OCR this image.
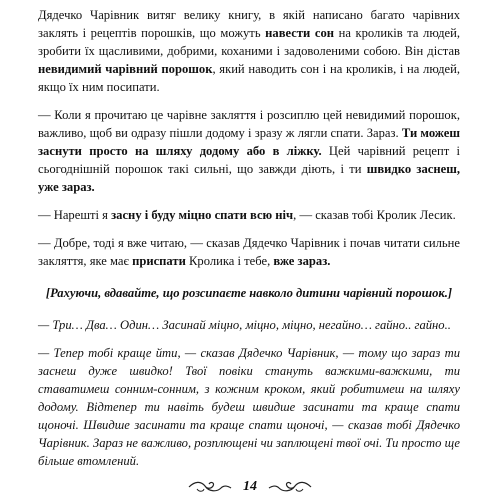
Дядечко Чарівник витяг велику книгу, в якій написано багато чарівних заклять і рецептів порошків, що можуть навести сон на кроликів та людей, зробити їх щасливими, добрими, коханими і задоволеними собою. Він дістав невидимий чарівний порошок, який наводить сон і на кроликів, і на людей, якщо їх ним посипати.

— Коли я прочитаю це чарівне закляття і розсиплю цей невидимий порошок, важливо, щоб ви одразу пішли додому і зразу ж лягли спати. Зараз. Ти можеш заснути просто на шляху додому або в ліжку. Цей чарівний рецепт і сьогоднішній порошок такі сильні, що завжди діють, і ти швидко заснеш, уже зараз.

— Нарешті я засну і буду міцно спати всю ніч, — сказав тобі Кролик Лесик.

— Добре, тоді я вже читаю, — сказав Дядечко Чарівник і почав читати сильне закляття, яке має приспати Кролика і тебе, вже зараз.

[Рахуючи, вдавайте, що розсипаєте навколо дитини чарівний порошок.]

— Три… Два… Один… Засинай міцно, міцно, міцно, негайно… гайно.. гайно..

— Тепер тобі краще йти, — сказав Дядечко Чарівник, — тому що зараз ти заснеш дуже швидко! Твої повіки стануть важкими-важкими, ти ставатимеш сонним-сонним, з кожним кроком, який робитимеш на шляху додому. Відтепер ти навіть будеш швидше засинати та краще спати щоночі. Швидше засинати та краще спати щоночі, — сказав тобі Дядечко Чарівник. Зараз не важливо, розплющені чи заплющені твої очі. Ти просто ще більше втомлений.

14
